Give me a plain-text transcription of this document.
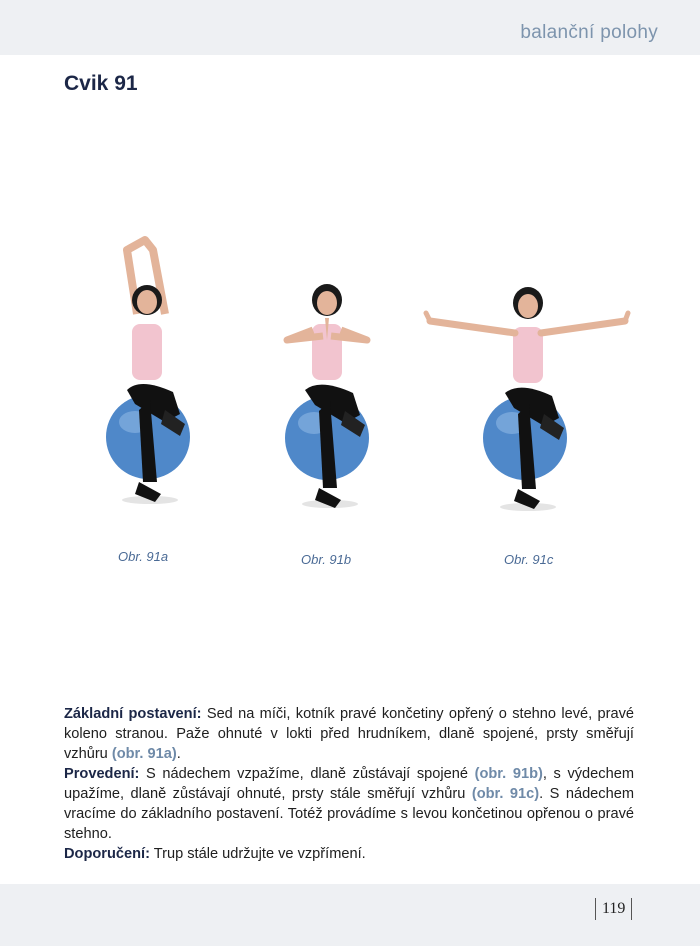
balanční polohy
Cvik 91
Obr. 91a	Obr. 91b	Obr. 91c

Základní postavení: Sed na míči, kotník pravé končetiny opřený o stehno levé, pravé koleno stranou. Paže ohnuté v lokti před hrudníkem, dlaně spojené, prsty směřují vzhůru (obr. 91a).

Provedení: S nádechem vzpažíme, dlaně zůstávají spojené (obr. 91b), s výdechem upažíme, dlaně zůstávají ohnuté, prsty stále směřují vzhůru (obr. 91c). S nádechem vracíme do základního postavení. Totéž provádíme s levou končetinou opřenou o pravé stehno.

Doporučení: Trup stále udržujte ve vzpřímení.

119
